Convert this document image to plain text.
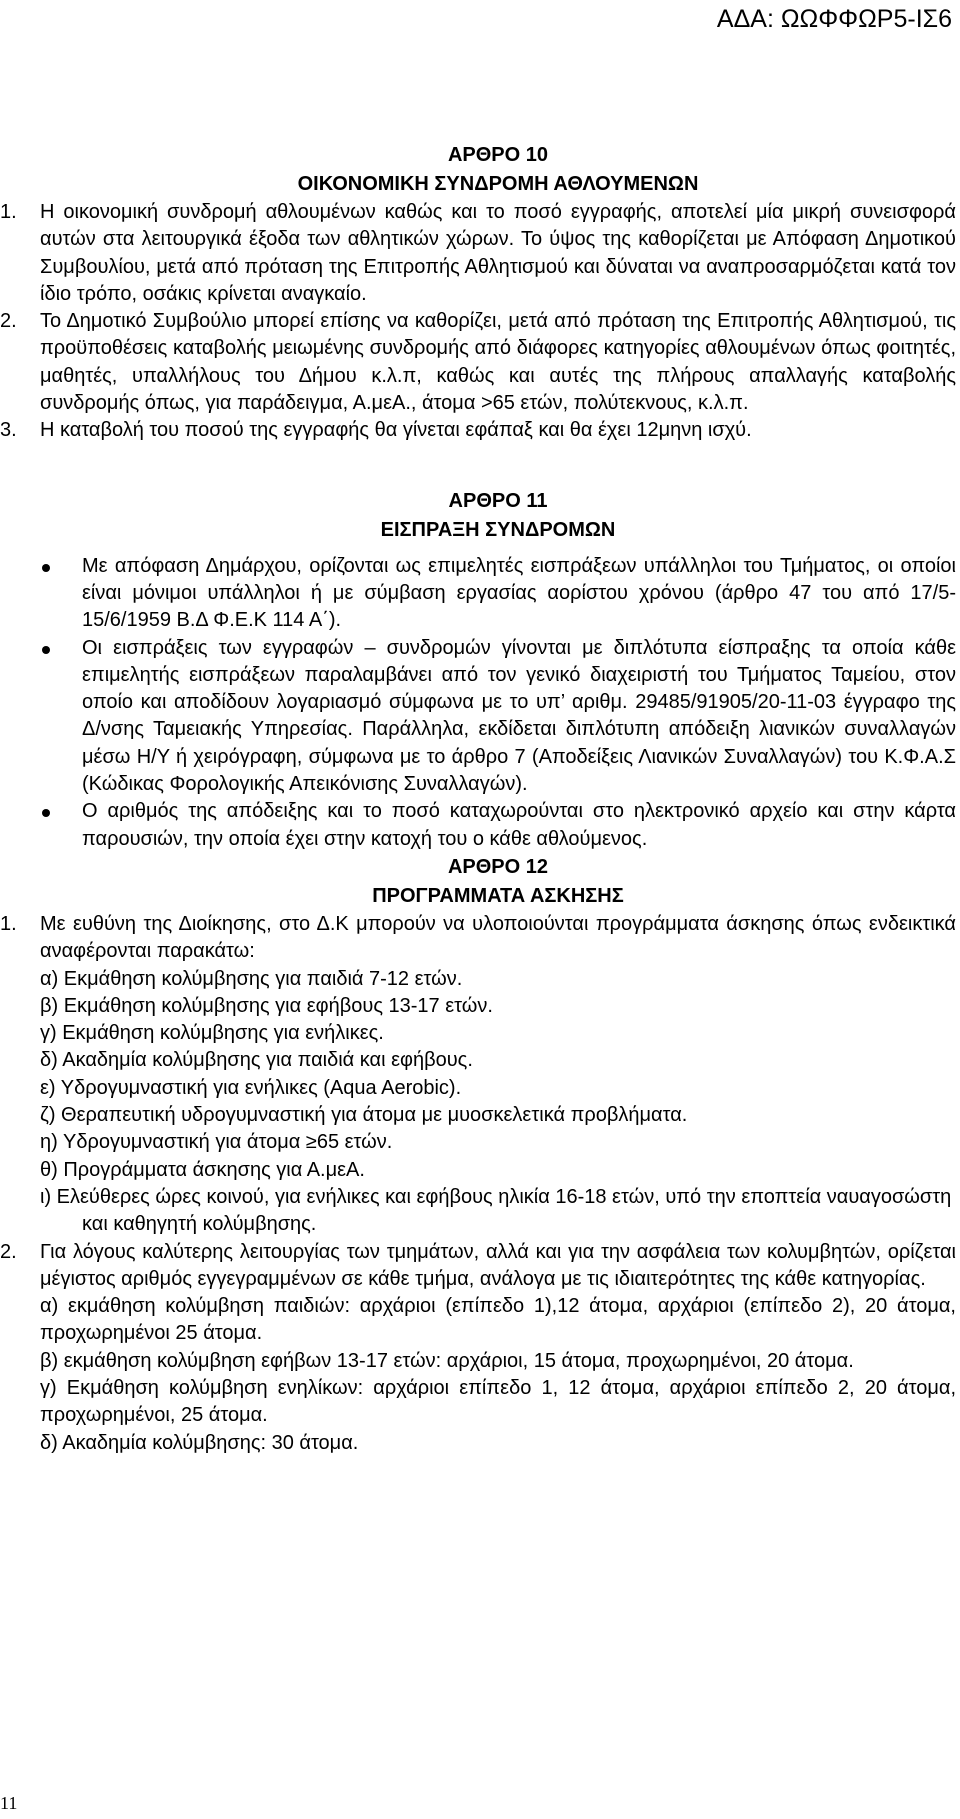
ΑΔΑ: ΩΩΦΦΩΡ5-ΙΣ6

ΑΡΘΡΟ 10

ΟΙΚΟΝΟΜΙΚΗ ΣΥΝΔΡΟΜΗ ΑΘΛΟΥΜΕΝΩΝ

1. Η οικονομική συνδρομή αθλουμένων καθώς και το ποσό εγγραφής, αποτελεί μία μικρή συνεισφορά αυτών στα λειτουργικά έξοδα των αθλητικών χώρων. Το ύψος της καθορίζεται με Απόφαση Δημοτικού Συμβουλίου, μετά από πρόταση της Επιτροπής Αθλητισμού και δύναται να αναπροσαρμόζεται κατά τον ίδιο τρόπο, οσάκις κρίνεται αναγκαίο.

2. Το Δημοτικό Συμβούλιο μπορεί επίσης να καθορίζει, μετά από πρόταση της Επιτροπής Αθλητισμού, τις προϋποθέσεις καταβολής μειωμένης συνδρομής από διάφορες κατηγορίες αθλουμένων όπως φοιτητές, μαθητές, υπαλλήλους του Δήμου κ.λ.π, καθώς και αυτές της πλήρους απαλλαγής καταβολής συνδρομής όπως, για παράδειγμα, Α.μεΑ., άτομα >65 ετών, πολύτεκνους, κ.λ.π.

3. Η καταβολή του ποσού της εγγραφής θα γίνεται εφάπαξ και θα έχει 12μηνη ισχύ.

ΑΡΘΡΟ 11

ΕΙΣΠΡΑΞΗ ΣΥΝΔΡΟΜΩΝ

Με απόφαση Δημάρχου, ορίζονται ως επιμελητές εισπράξεων υπάλληλοι του Τμήματος, οι οποίοι είναι μόνιμοι υπάλληλοι ή με σύμβαση εργασίας αορίστου χρόνου (άρθρο 47 του από 17/5-15/6/1959 Β.Δ Φ.Ε.Κ 114 Α΄).

Οι εισπράξεις των εγγραφών – συνδρομών γίνονται με διπλότυπα είσπραξης τα οποία κάθε επιμελητής εισπράξεων παραλαμβάνει από τον γενικό διαχειριστή του Τμήματος Ταμείου, στον οποίο και αποδίδουν λογαριασμό σύμφωνα με το υπ’ αριθμ. 29485/91905/20-11-03 έγγραφο της Δ/νσης Ταμειακής Υπηρεσίας. Παράλληλα, εκδίδεται διπλότυπη απόδειξη λιανικών συναλλαγών μέσω Η/Υ ή χειρόγραφη, σύμφωνα με το άρθρο 7 (Αποδείξεις Λιανικών Συναλλαγών) του Κ.Φ.Α.Σ (Κώδικας Φορολογικής Απεικόνισης Συναλλαγών).

Ο αριθμός της απόδειξης και το ποσό καταχωρούνται στο ηλεκτρονικό αρχείο και στην κάρτα παρουσιών, την οποία έχει στην κατοχή του ο κάθε αθλούμενος.

ΑΡΘΡΟ 12

ΠΡΟΓΡΑΜΜΑΤΑ ΑΣΚΗΣΗΣ

1. Με ευθύνη της Διοίκησης, στο Δ.Κ μπορούν να υλοποιούνται προγράμματα άσκησης όπως ενδεικτικά αναφέρονται παρακάτω:

α) Εκμάθηση κολύμβησης για παιδιά 7-12 ετών.

β) Εκμάθηση κολύμβησης για εφήβους 13-17 ετών.

γ) Εκμάθηση κολύμβησης για ενήλικες.

δ) Ακαδημία κολύμβησης για παιδιά και εφήβους.

ε) Υδρογυμναστική για ενήλικες (Aqua Aerobic).

ζ) Θεραπευτική υδρογυμναστική για άτομα με μυοσκελετικά προβλήματα.

η) Υδρογυμναστική για άτομα ≥65 ετών.

θ) Προγράμματα άσκησης για Α.μεΑ.

ι) Ελεύθερες ώρες κοινού, για ενήλικες και εφήβους ηλικία 16-18 ετών, υπό την εποπτεία ναυαγοσώστη και καθηγητή κολύμβησης.

2. Για λόγους καλύτερης λειτουργίας των τμημάτων, αλλά και για την ασφάλεια των κολυμβητών, ορίζεται μέγιστος αριθμός εγγεγραμμένων σε κάθε τμήμα, ανάλογα με τις ιδιαιτερότητες της κάθε κατηγορίας.

α) εκμάθηση κολύμβηση παιδιών: αρχάριοι (επίπεδο 1),12 άτομα, αρχάριοι (επίπεδο 2), 20 άτομα, προχωρημένοι 25 άτομα.

β) εκμάθηση κολύμβηση εφήβων 13-17 ετών: αρχάριοι, 15 άτομα, προχωρημένοι, 20 άτομα.

γ) Εκμάθηση κολύμβηση ενηλίκων: αρχάριοι επίπεδο 1, 12 άτομα, αρχάριοι επίπεδο 2, 20 άτομα, προχωρημένοι, 25 άτομα.

δ) Ακαδημία κολύμβησης: 30 άτομα.

11
